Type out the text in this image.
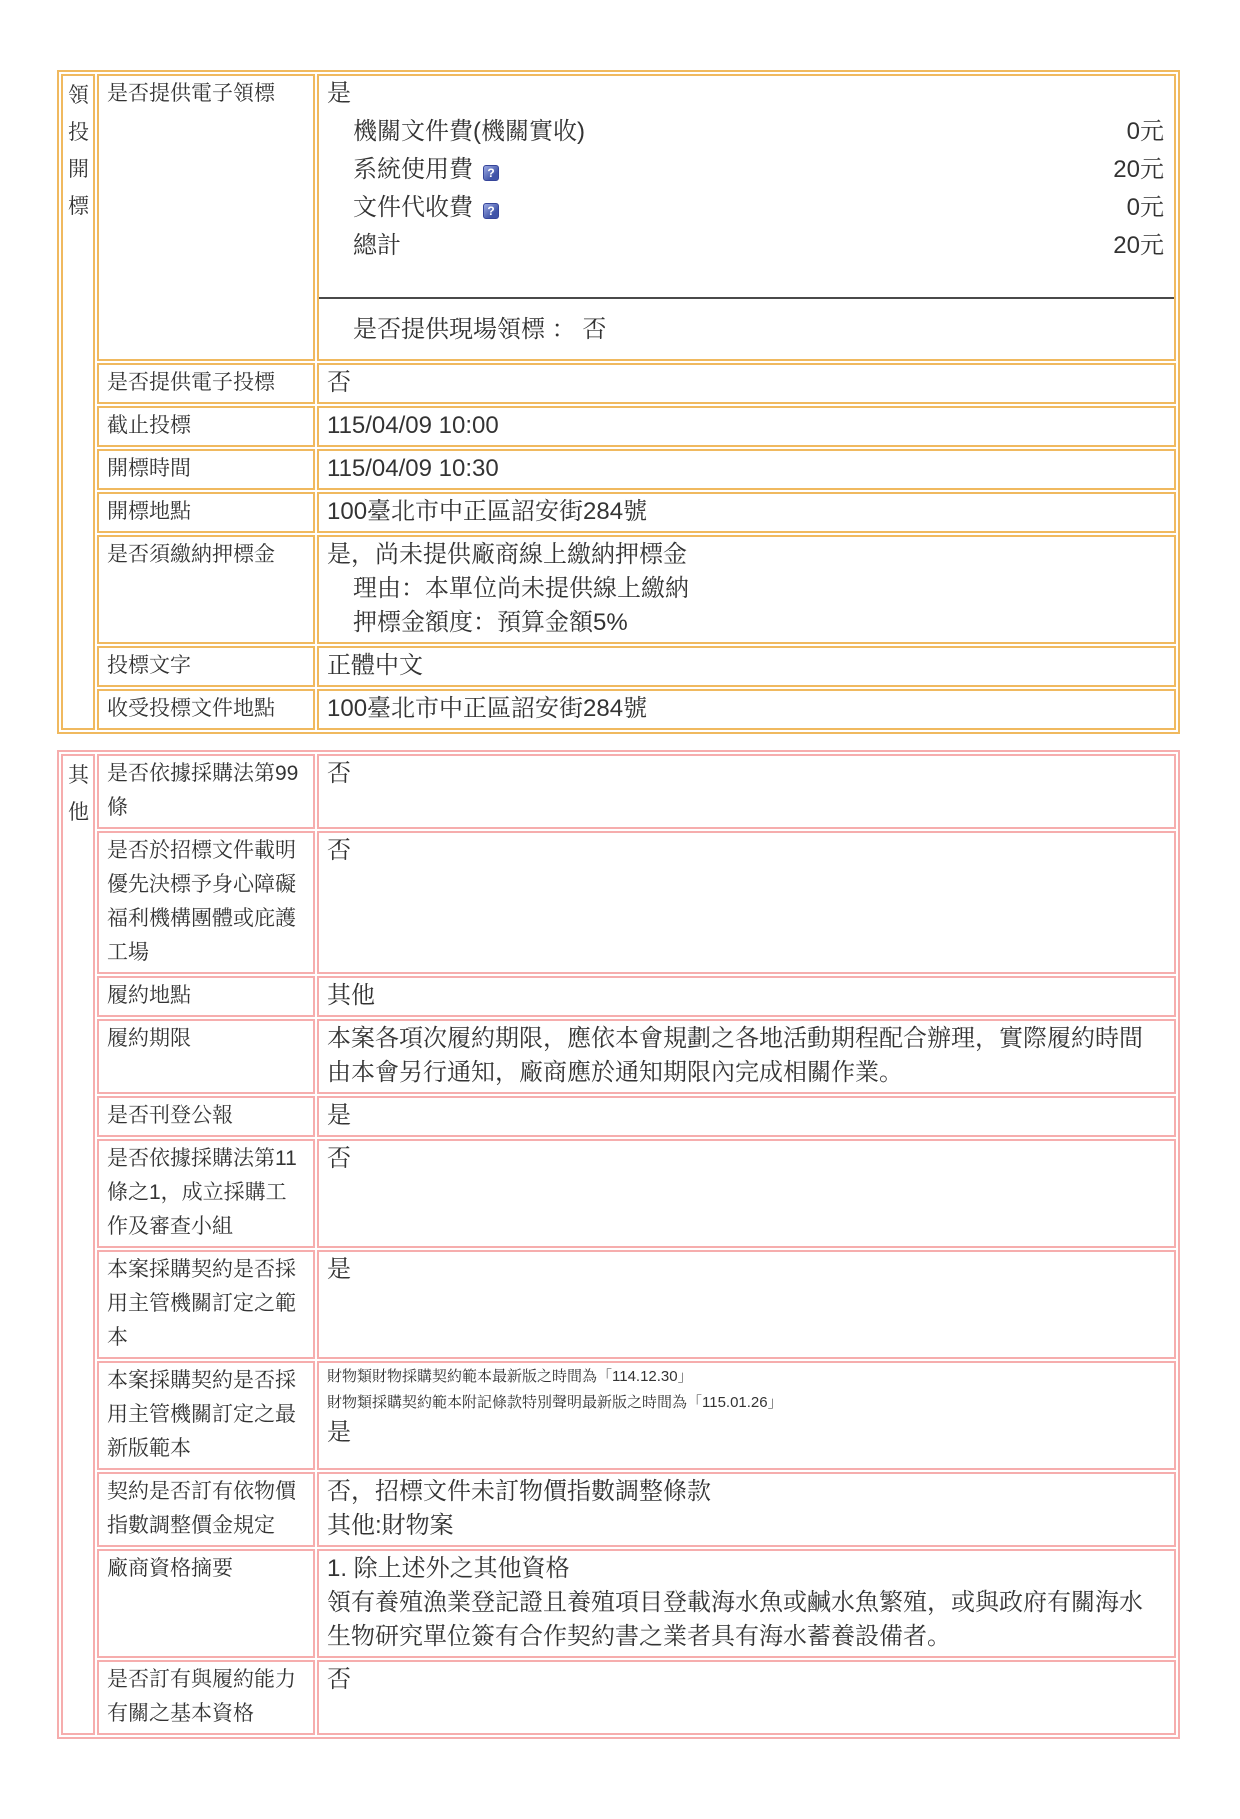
領投開標	是否提供電子領標	是
機關文件費(機關實收)	0元
系統使用費	?	20元
文件代收費	?	0元
總計	20元
是否提供現場領標 ： 否

	是否提供電子投標	否

	截止投標	115/04/09 10:00

	開標時間	115/04/09 10:30

	開標地點	100臺北市中正區詔安街284號

	是否須繳納押標金	是，尚未提供廠商線上繳納押標金
理由：本單位尚未提供線上繳納
押標金額度：預算金額5%

	投標文字	正體中文

	收受投標文件地點	100臺北市中正區詔安街284號
其他	是否依據採購法第99條	否

	是否於招標文件載明優先決標予身心障礙福利機構團體或庇護工場	否

	履約地點	其他

	履約期限	本案各項次履約期限，應依本會規劃之各地活動期程配合辦理，實際履約時間由本會另行通知，廠商應於通知期限內完成相關作業。

	是否刊登公報	是

	是否依據採購法第11條之1，成立採購工作及審查小組	否

	本案採購契約是否採用主管機關訂定之範本	是

	本案採購契約是否採用主管機關訂定之最新版範本	財物類財物採購契約範本最新版之時間為「114.12.30」
財物類採購契約範本附記條款特別聲明最新版之時間為「115.01.26」
是

	契約是否訂有依物價指數調整價金規定	否，招標文件未訂物價指數調整條款
其他:財物案

	廠商資格摘要	1. 除上述外之其他資格
領有養殖漁業登記證且養殖項目登載海水魚或鹹水魚繁殖，或與政府有關海水生物研究單位簽有合作契約書之業者具有海水蓄養設備者。

	是否訂有與履約能力有關之基本資格	否
